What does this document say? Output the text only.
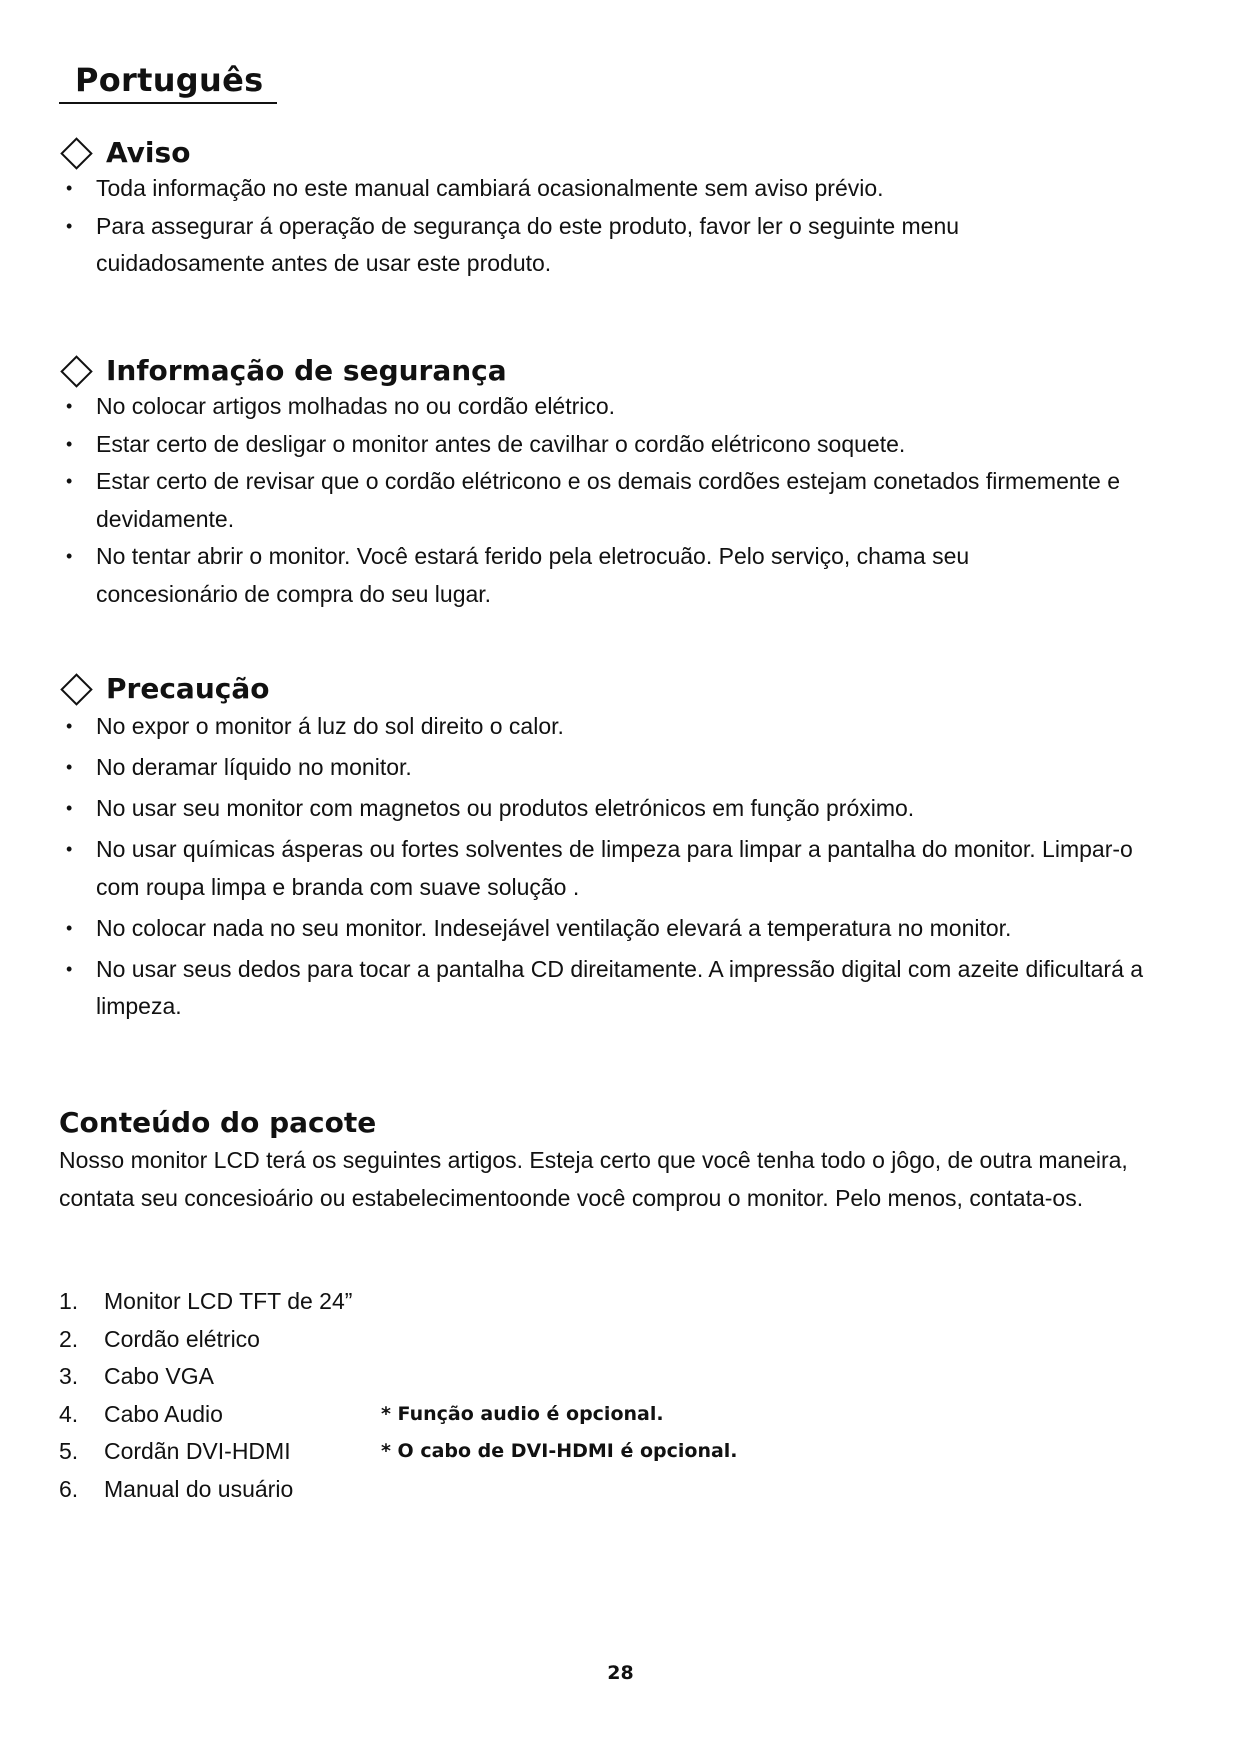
Português
Aviso
• Toda informação no este manual cambiará ocasionalmente sem aviso prévio.
• Para assegurar á operação de segurança do este produto, favor ler o seguinte menu cuidadosamente antes de usar este produto.
Informação de segurança
• No colocar artigos molhadas no ou cordão elétrico.
• Estar certo de desligar o monitor antes de cavilhar o cordão elétricono soquete.
• Estar certo de revisar que o cordão elétricono e os demais cordões estejam conetados firmemente e devidamente.
• No tentar abrir o monitor. Você estará ferido pela eletrocuão. Pelo serviço, chama seu concesionário de compra do seu lugar.
Precaução
• No expor o monitor á luz do sol direito o calor.
• No deramar líquido no monitor.
• No usar seu monitor com magnetos ou produtos eletrónicos em função próximo.
• No usar químicas ásperas ou fortes solventes de limpeza para limpar a pantalha do monitor. Limpar-o com roupa limpa e branda com suave solução .
• No colocar nada no seu monitor. Indesejável ventilação elevará a temperatura no monitor.
• No usar seus dedos para tocar a pantalha CD direitamente. A impressão digital com azeite dificultará a limpeza.
Conteúdo do pacote
Nosso monitor LCD terá os seguintes artigos. Esteja certo que você tenha todo o jôgo, de outra maneira, contata seu concesioário ou estabelecimentoonde você comprou o monitor. Pelo menos, contata-os.
1. Monitor LCD TFT de 24”
2. Cordão elétrico
3. Cabo VGA
4. Cabo Audio	* Função audio é opcional.
5. Cordãn DVI-HDMI	* O cabo de DVI-HDMI é opcional.
6. Manual do usuário
28
